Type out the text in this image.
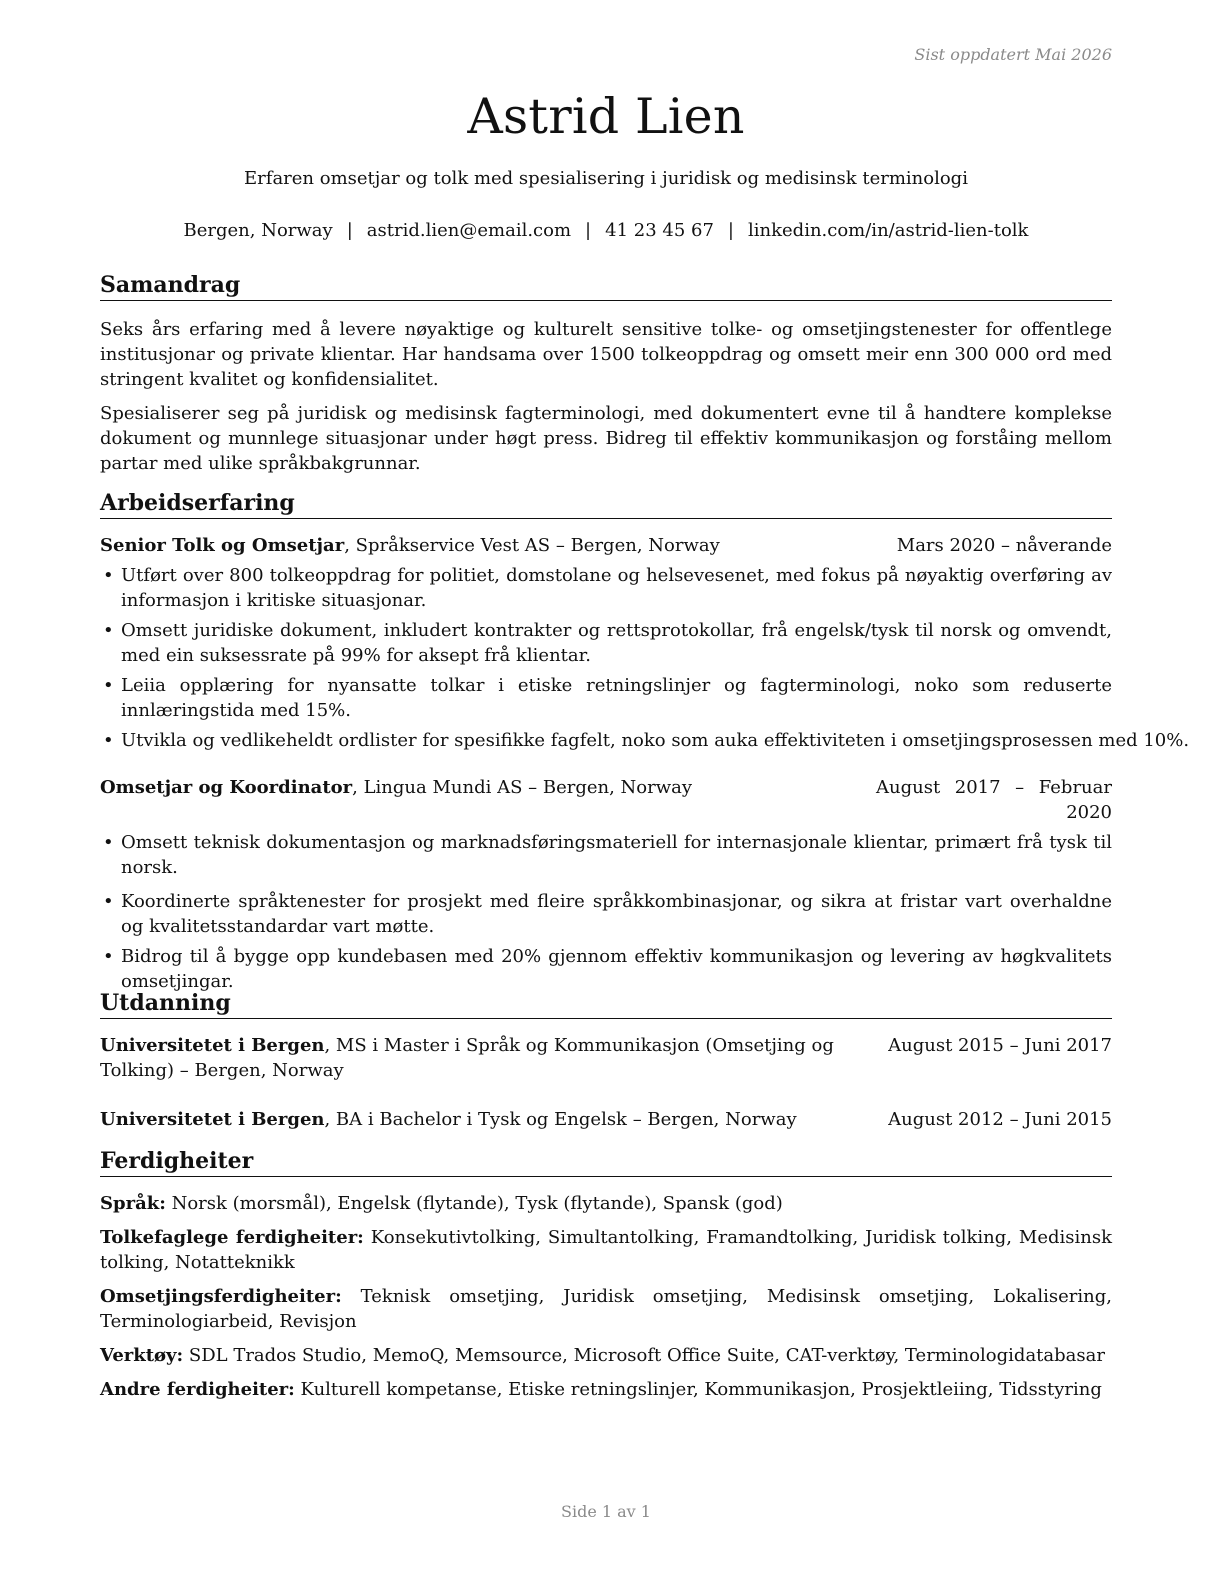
Sist oppdatert Mai 2026
Astrid Lien
Erfaren omsetjar og tolk med spesialisering i juridisk og medisinsk terminologi
Bergen, Norway | astrid.lien@email.com | 41 23 45 67 | linkedin.com/in/astrid-lien-tolk
Samandrag

Seks års erfaring med å levere nøyaktige og kulturelt sensitive tolke- og omsetjingstenester for offentlege institusjonar og private klientar. Har handsama over 1500 tolkeoppdrag og omsett meir enn 300 000 ord med stringent kvalitet og konfidensialitet.

Spesialiserer seg på juridisk og medisinsk fagterminologi, med dokumentert evne til å handtere komplekse dokument og munnlege situasjonar under høgt press. Bidreg til effektiv kommunikasjon og forståing mellom partar med ulike språkbakgrunnar.

Arbeidserfaring
Senior Tolk og Omsetjar, Språkservice Vest AS – Bergen, Norway	Mars 2020 – nåverande
• Utført over 800 tolkeoppdrag for politiet, domstolane og helsevesenet, med fokus på nøyaktig overføring av informasjon i kritiske situasjonar.
• Omsett juridiske dokument, inkludert kontrakter og rettsprotokollar, frå engelsk/tysk til norsk og omvendt, med ein suksessrate på 99% for aksept frå klientar.
• Leiia opplæring for nyansatte tolkar i etiske retningslinjer og fagterminologi, noko som reduserte innlæringstida med 15%.
• Utvikla og vedlikeheldt ordlister for spesifikke fagfelt, noko som auka effektiviteten i omsetjingsprosessen med 10%.
Omsetjar og Koordinator, Lingua Mundi AS – Bergen, Norway	August 2017 – Februar 2020
• Omsett teknisk dokumentasjon og marknadsføringsmateriell for internasjonale klientar, primært frå tysk til norsk.
• Koordinerte språktenester for prosjekt med fleire språkkombinasjonar, og sikra at fristar vart overhaldne og kvalitetsstandardar vart møtte.
• Bidrog til å bygge opp kundebasen med 20% gjennom effektiv kommunikasjon og levering av høgkvalitets omsetjingar.
Utdanning
Universitetet i Bergen, MS i Master i Språk og Kommunikasjon (Omsetjing og Tolking) – Bergen, Norway
August 2015 – Juni 2017
Universitetet i Bergen, BA i Bachelor i Tysk og Engelsk – Bergen, Norway	August 2012 – Juni 2015
Ferdigheiter
Språk: Norsk (morsmål), Engelsk (flytande), Tysk (flytande), Spansk (god)
Tolkefaglege ferdigheiter: Konsekutivtolking, Simultantolking, Framandtolking, Juridisk tolking, Medisinsk tolking, Notatteknikk
Omsetjingsferdigheiter: Teknisk omsetjing, Juridisk omsetjing, Medisinsk omsetjing, Lokalisering, Terminologiarbeid, Revisjon
Verktøy: SDL Trados Studio, MemoQ, Memsource, Microsoft Office Suite, CAT-verktøy, Terminologidatabasar
Andre ferdigheiter: Kulturell kompetanse, Etiske retningslinjer, Kommunikasjon, Prosjektleiing, Tidsstyring
Side 1 av 1
